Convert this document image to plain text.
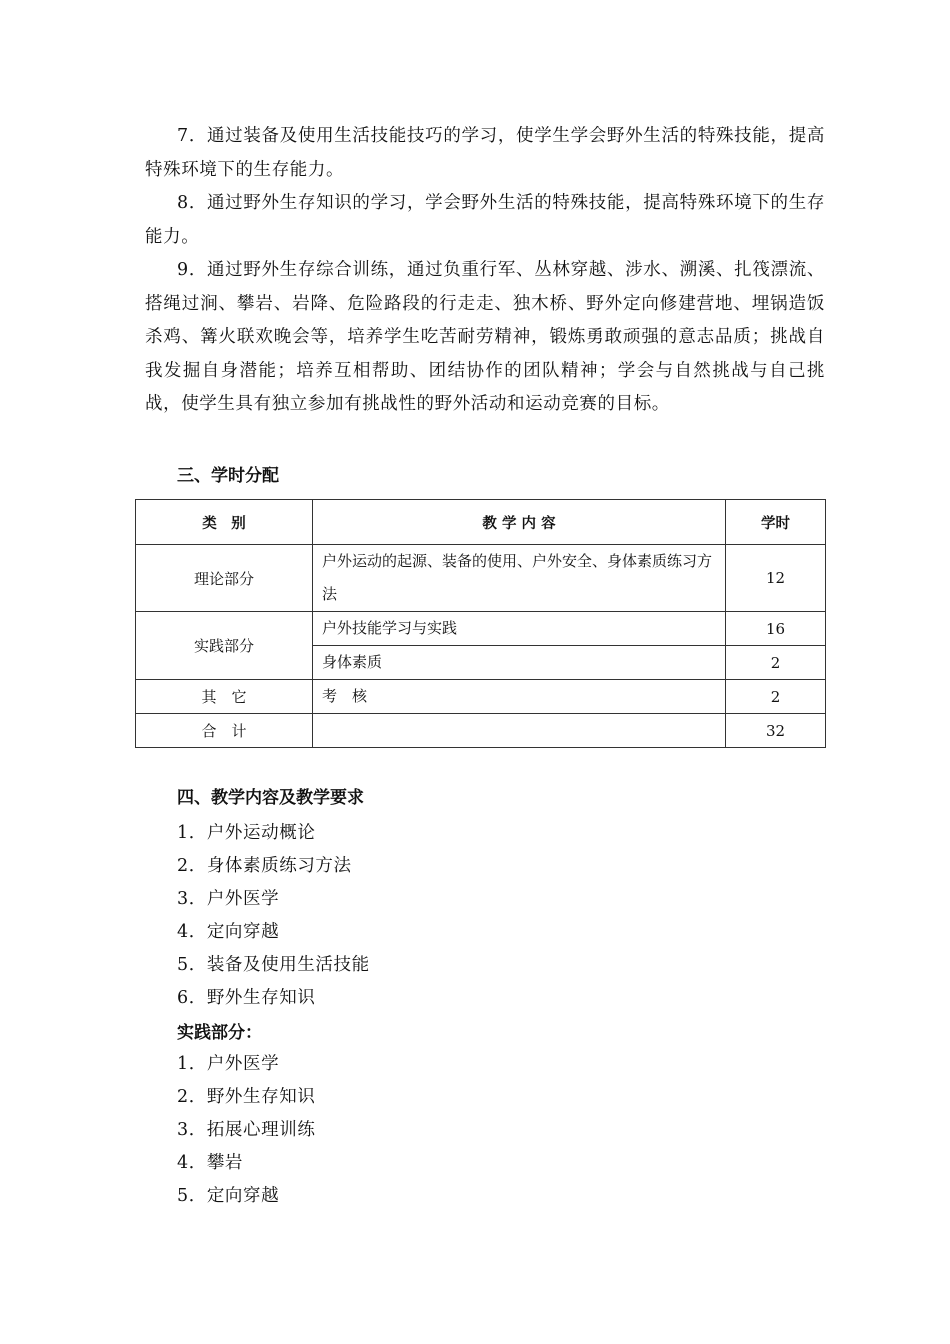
7．通过装备及使用生活技能技巧的学习，使学生学会野外生活的特殊技能，提高特殊环境下的生存能力。

8．通过野外生存知识的学习，学会野外生活的特殊技能，提高特殊环境下的生存能力。

9．通过野外生存综合训练，通过负重行军、丛林穿越、涉水、溯溪、扎筏漂流、搭绳过涧、攀岩、岩降、危险路段的行走走、独木桥、野外定向修建营地、埋锅造饭杀鸡、篝火联欢晚会等，培养学生吃苦耐劳精神，锻炼勇敢顽强的意志品质；挑战自我发掘自身潜能；培养互相帮助、团结协作的团队精神；学会与自然挑战与自己挑战，使学生具有独立参加有挑战性的野外活动和运动竞赛的目标。

三、学时分配
类　别	教 学 内 容	学时
理论部分	户外运动的起源、装备的使用、户外安全、身体素质练习方法	12
实践部分	户外技能学习与实践	16
	身体素质	2
其　它	考　核	2
合　计		32
四、教学内容及教学要求
1．户外运动概论
2．身体素质练习方法
3．户外医学
4．定向穿越
5．装备及使用生活技能
6．野外生存知识
实践部分：
1．户外医学
2．野外生存知识
3．拓展心理训练
4．攀岩
5．定向穿越
